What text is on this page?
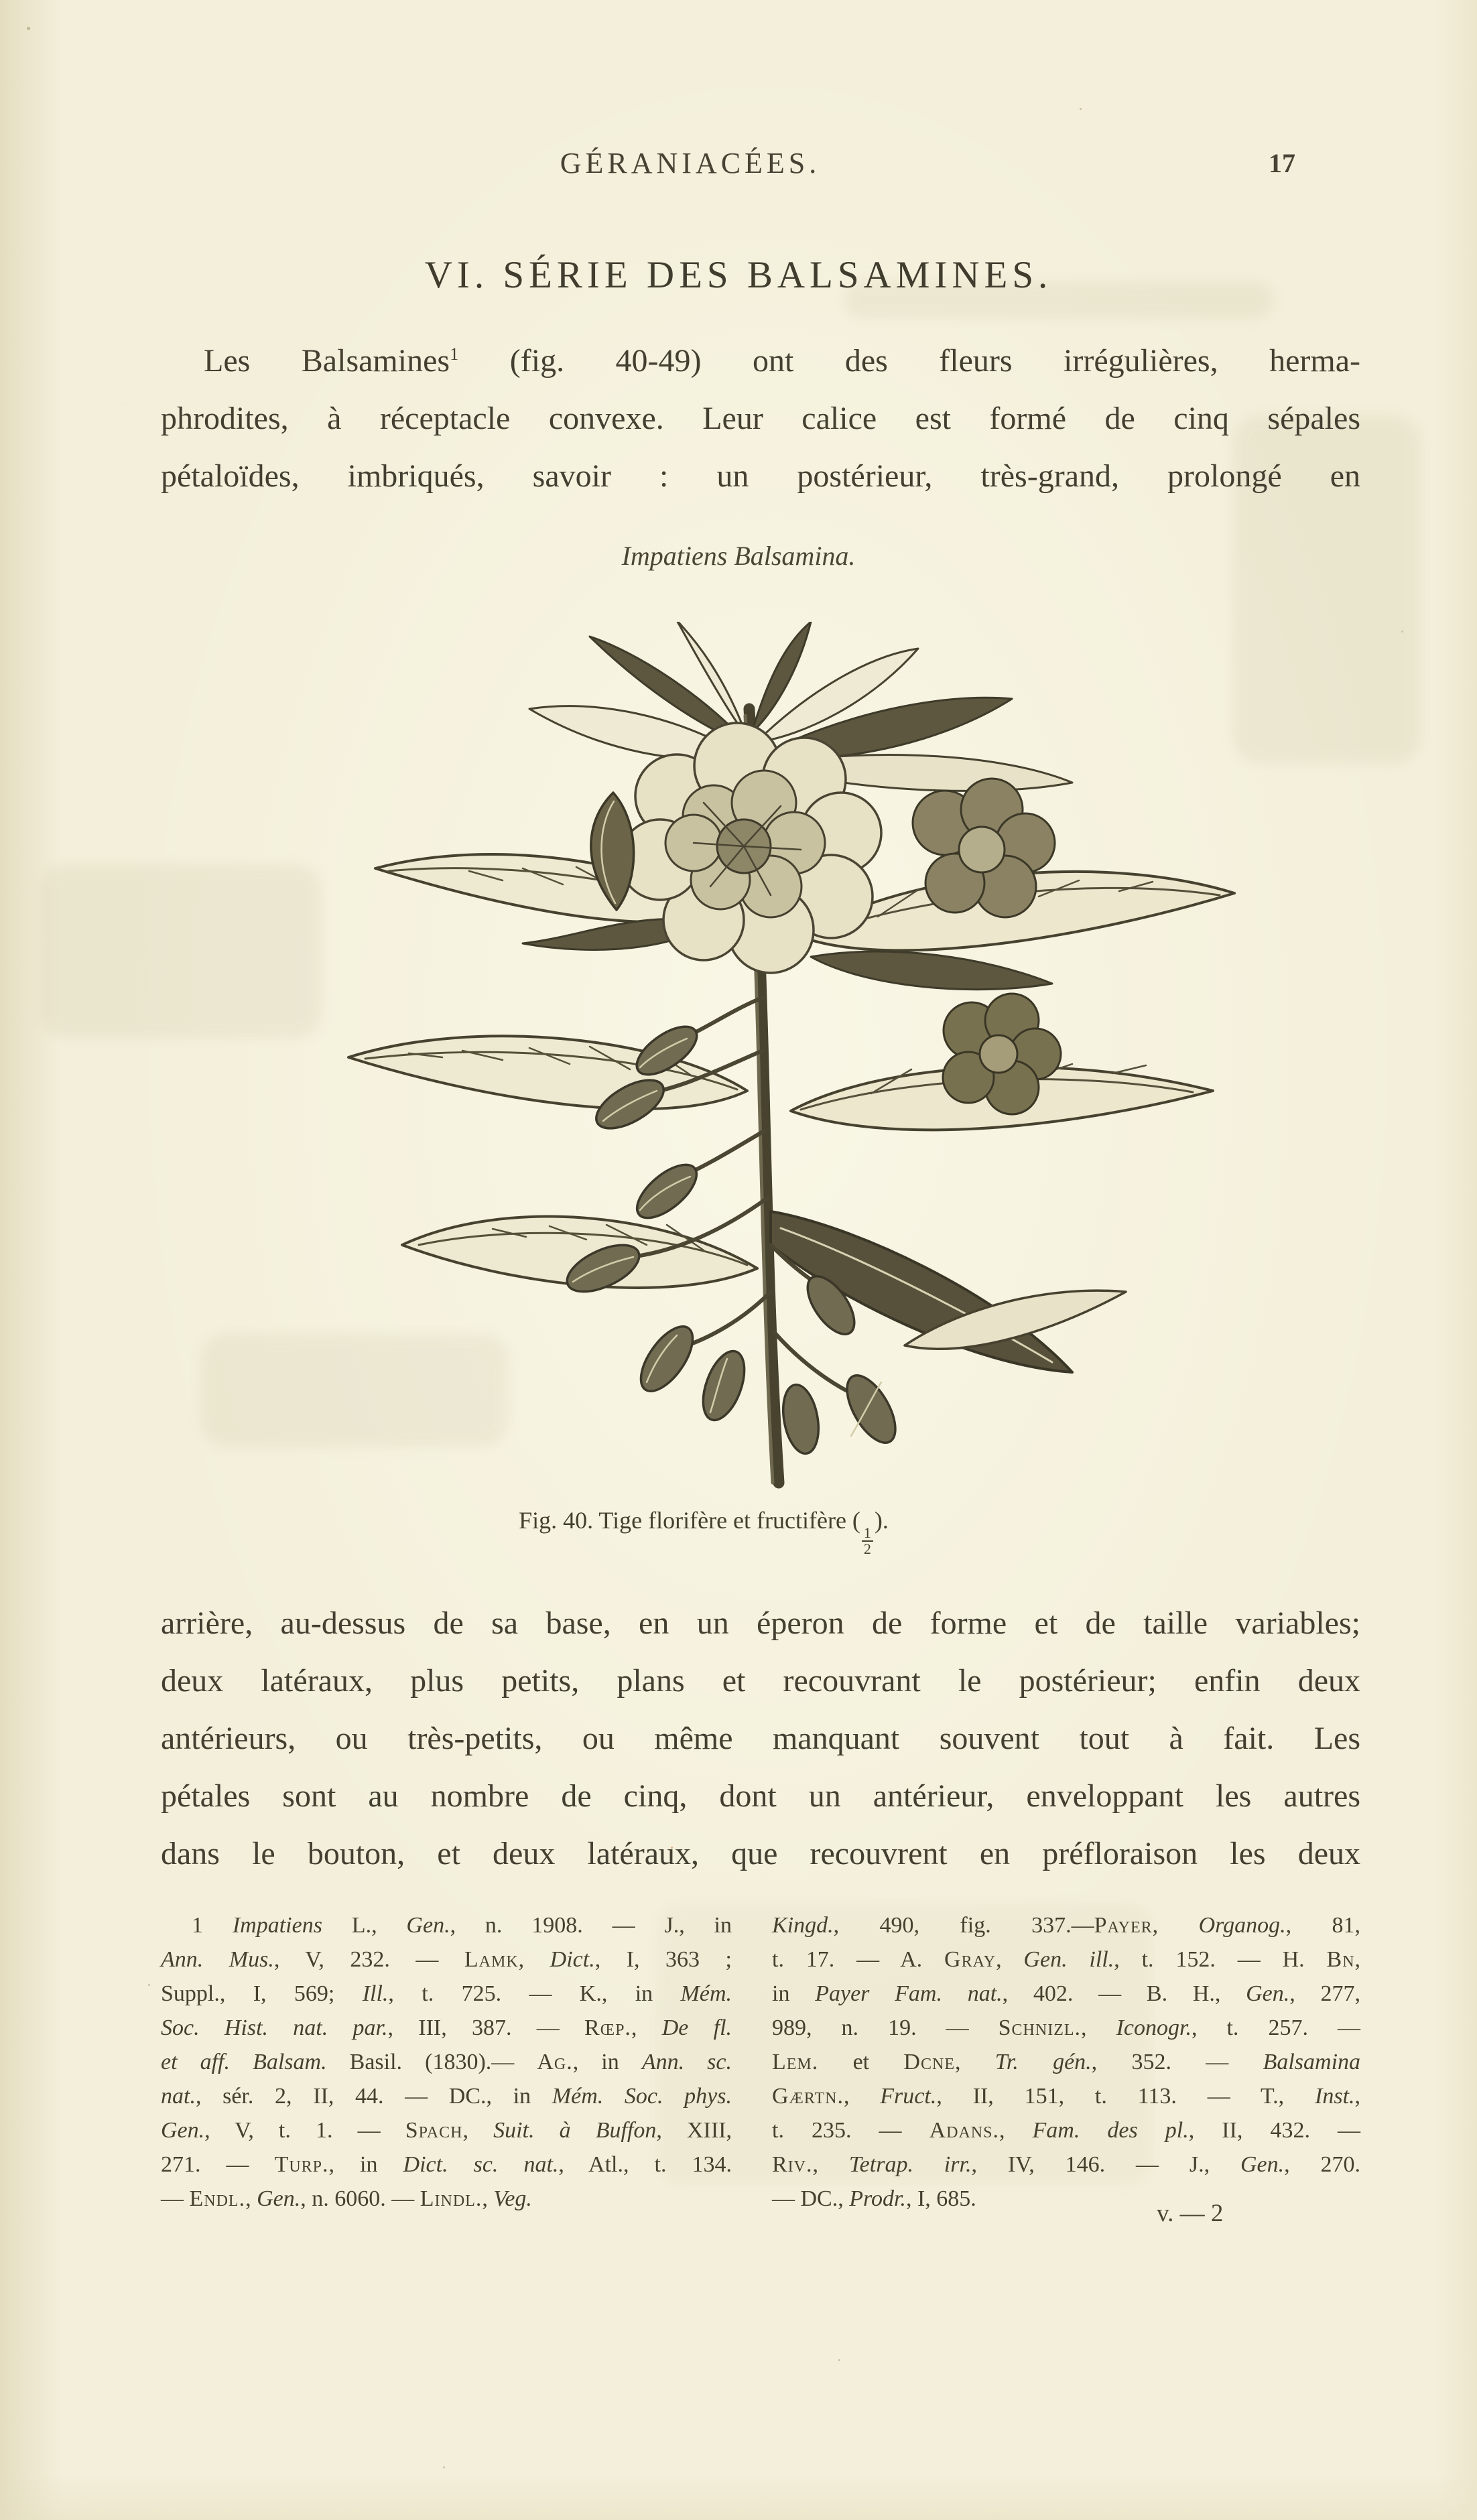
GÉRANIACÉES.	17
VI. SÉRIE DES BALSAMINES.
Les Balsamines$^1$ (fig. 40-49) ont des fleurs irrégulières, herma-
phrodites, à réceptacle convexe. Leur calice est formé de cinq sépales
pétaloïdes, imbriqués, savoir : un postérieur, très-grand, prolongé en
Impatiens Balsamina.
Fig. 40. Tige florifère et fructifère (
$\frac{1}{2}$
).
arrière, au-dessus de sa base, en un éperon de forme et de taille variables;
deux latéraux, plus petits, plans et recouvrant le postérieur; enfin deux
antérieurs, ou très-petits, ou même manquant souvent tout à fait. Les
pétales sont au nombre de cinq, dont un antérieur, enveloppant les autres
dans le bouton, et deux latéraux, que recouvrent en préfloraison les deux
1 Impatiens L., Gen., n. 1908. — J., in
Ann. Mus., V, 232. — Lamk, Dict., I, 363 ;
Suppl., I, 569; Ill., t. 725. — K., in Mém.
Soc. Hist. nat. par., III, 387. — Rœp., De fl.
et aff. Balsam. Basil. (1830).— Ag., in Ann. sc.
nat., sér. 2, II, 44. — DC., in Mém. Soc. phys.
Gen., V, t. 1. — Spach, Suit. à Buffon, XIII,
271. — Turp., in Dict. sc. nat., Atl., t. 134.
— Endl., Gen., n. 6060. — Lindl., Veg.
Kingd., 490, fig. 337.—Payer, Organog., 81,
t. 17. — A. Gray, Gen. ill., t. 152. — H. Bn,
in Payer Fam. nat., 402. — B. H., Gen., 277,
989, n. 19. — Schnizl., Iconogr., t. 257. —
Lem. et Dcne, Tr. gén., 352. — Balsamina
Gærtn., Fruct., II, 151, t. 113. — T., Inst.,
t. 235. — Adans., Fam. des pl., II, 432. —
Riv., Tetrap. irr., IV, 146. — J., Gen., 270.
— DC., Prodr., I, 685.
v. — 2
